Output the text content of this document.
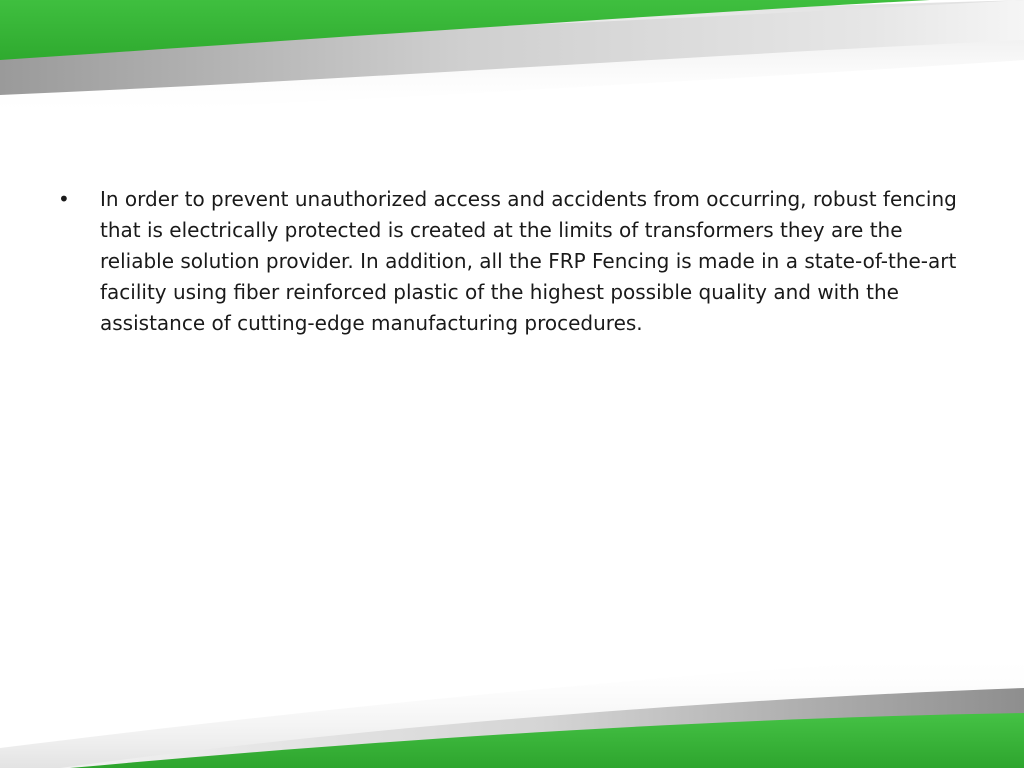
• In order to prevent unauthorized access and accidents from occurring, robust fencing that is electrically protected is created at the limits of transformers they are the reliable solution provider. In addition, all the FRP Fencing is made in a state-of-the-art facility using fiber reinforced plastic of the highest possible quality and with the assistance of cutting-edge manufacturing procedures.
